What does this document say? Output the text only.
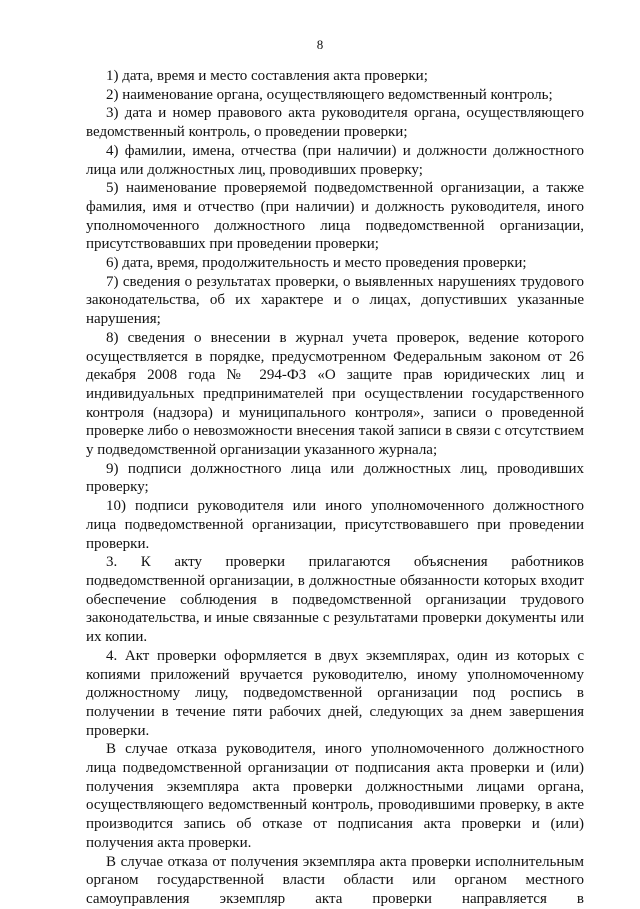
8

1) дата, время и место составления акта проверки;

2) наименование органа, осуществляющего ведомственный контроль;

3) дата и номер правового акта руководителя органа, осуществляющего ведомственный контроль, о проведении проверки;

4) фамилии, имена, отчества (при наличии) и должности должностного лица или должностных лиц, проводивших проверку;

5) наименование проверяемой подведомственной организации, а также фамилия, имя и отчество (при наличии) и должность руководителя, иного уполномоченного должностного лица подведомственной организации, присутствовавших при проведении проверки;

6) дата, время, продолжительность и место проведения проверки;

7) сведения о результатах проверки, о выявленных нарушениях трудового законодательства, об их характере и о лицах, допустивших указанные нарушения;

8) сведения о внесении в журнал учета проверок, ведение которого осуществляется в порядке, предусмотренном Федеральным законом от 26 декабря 2008 года № 294-ФЗ «О защите прав юридических лиц и индивидуальных предпринимателей при осуществлении государственного контроля (надзора) и муниципального контроля», записи о проведенной проверке либо о невозможности внесения такой записи в связи с отсутствием у подведомственной организации указанного журнала;

9) подписи должностного лица или должностных лиц, проводивших проверку;

10) подписи руководителя или иного уполномоченного должностного лица подведомственной организации, присутствовавшего при проведении проверки.

3. К акту проверки прилагаются объяснения работников подведомственной организации, в должностные обязанности которых входит обеспечение соблюдения в подведомственной организации трудового законодательства, и иные связанные с результатами проверки документы или их копии.

4. Акт проверки оформляется в двух экземплярах, один из которых с копиями приложений вручается руководителю, иному уполномоченному должностному лицу, подведомственной организации под роспись в получении в течение пяти рабочих дней, следующих за днем завершения проверки.

В случае отказа руководителя, иного уполномоченного должностного лица подведомственной организации от подписания акта проверки и (или) получения экземпляра акта проверки должностными лицами органа, осуществляющего ведомственный контроль, проводившими проверку, в акте производится запись об отказе от подписания акта проверки и (или) получения акта проверки.

В случае отказа от получения экземпляра акта проверки исполнительным органом государственной власти области или органом местного самоуправления экземпляр акта проверки направляется в
